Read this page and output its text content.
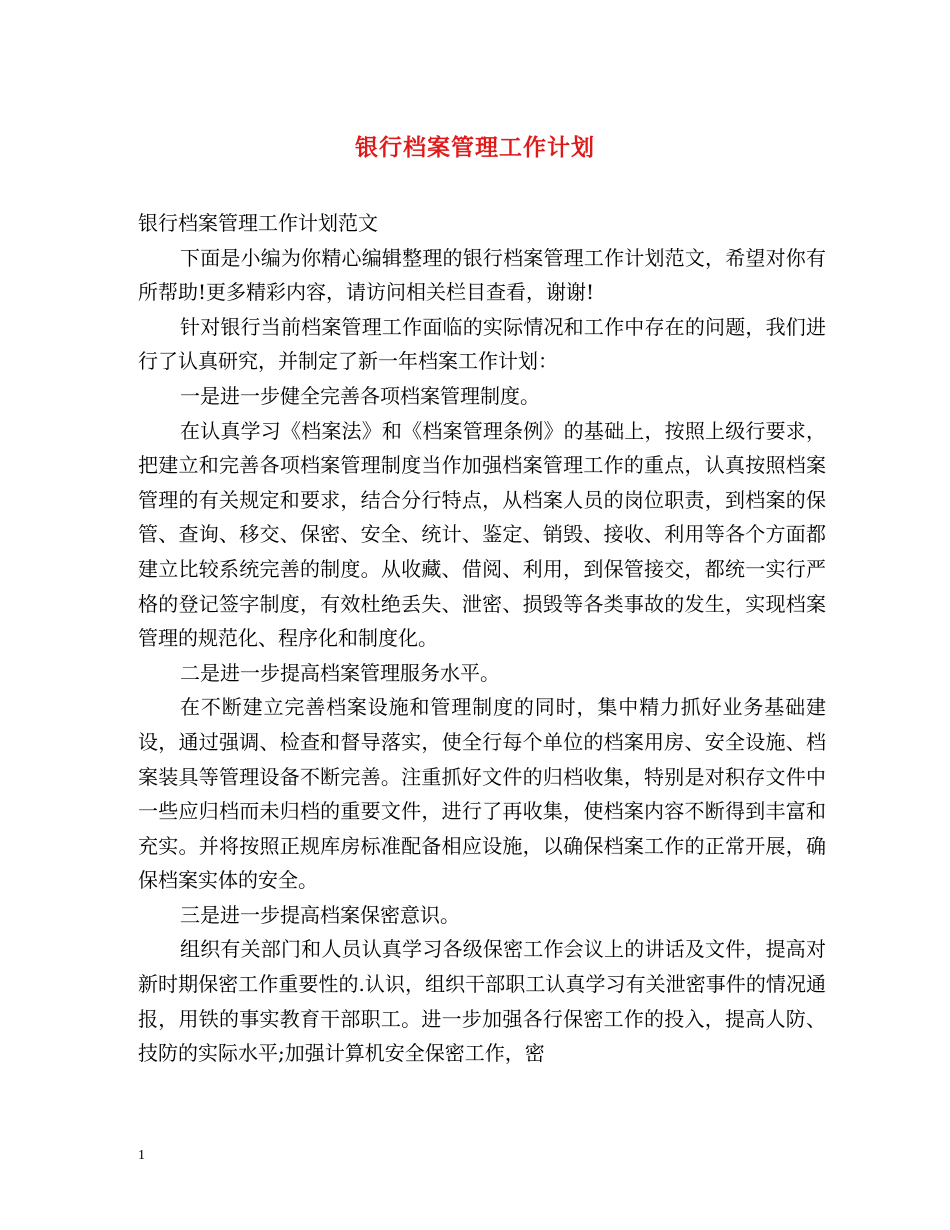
银行档案管理工作计划

银行档案管理工作计划范文

下面是小编为你精心编辑整理的银行档案管理工作计划范文，希望对你有所帮助!更多精彩内容，请访问相关栏目查看，谢谢!

针对银行当前档案管理工作面临的实际情况和工作中存在的问题，我们进行了认真研究，并制定了新一年档案工作计划：

一是进一步健全完善各项档案管理制度。

在认真学习《档案法》和《档案管理条例》的基础上，按照上级行要求，把建立和完善各项档案管理制度当作加强档案管理工作的重点，认真按照档案管理的有关规定和要求，结合分行特点，从档案人员的岗位职责，到档案的保管、查询、移交、保密、安全、统计、鉴定、销毁、接收、利用等各个方面都建立比较系统完善的制度。从收藏、借阅、利用，到保管接交，都统一实行严格的登记签字制度，有效杜绝丢失、泄密、损毁等各类事故的发生，实现档案管理的规范化、程序化和制度化。

二是进一步提高档案管理服务水平。

在不断建立完善档案设施和管理制度的同时，集中精力抓好业务基础建设，通过强调、检查和督导落实，使全行每个单位的档案用房、安全设施、档案装具等管理设备不断完善。注重抓好文件的归档收集，特别是对积存文件中一些应归档而未归档的重要文件，进行了再收集，使档案内容不断得到丰富和充实。并将按照正规库房标准配备相应设施，以确保档案工作的正常开展，确保档案实体的安全。

三是进一步提高档案保密意识。

组织有关部门和人员认真学习各级保密工作会议上的讲话及文件，提高对新时期保密工作重要性的.认识，组织干部职工认真学习有关泄密事件的情况通报，用铁的事实教育干部职工。进一步加强各行保密工作的投入，提高人防、技防的实际水平;加强计算机安全保密工作，密

1
